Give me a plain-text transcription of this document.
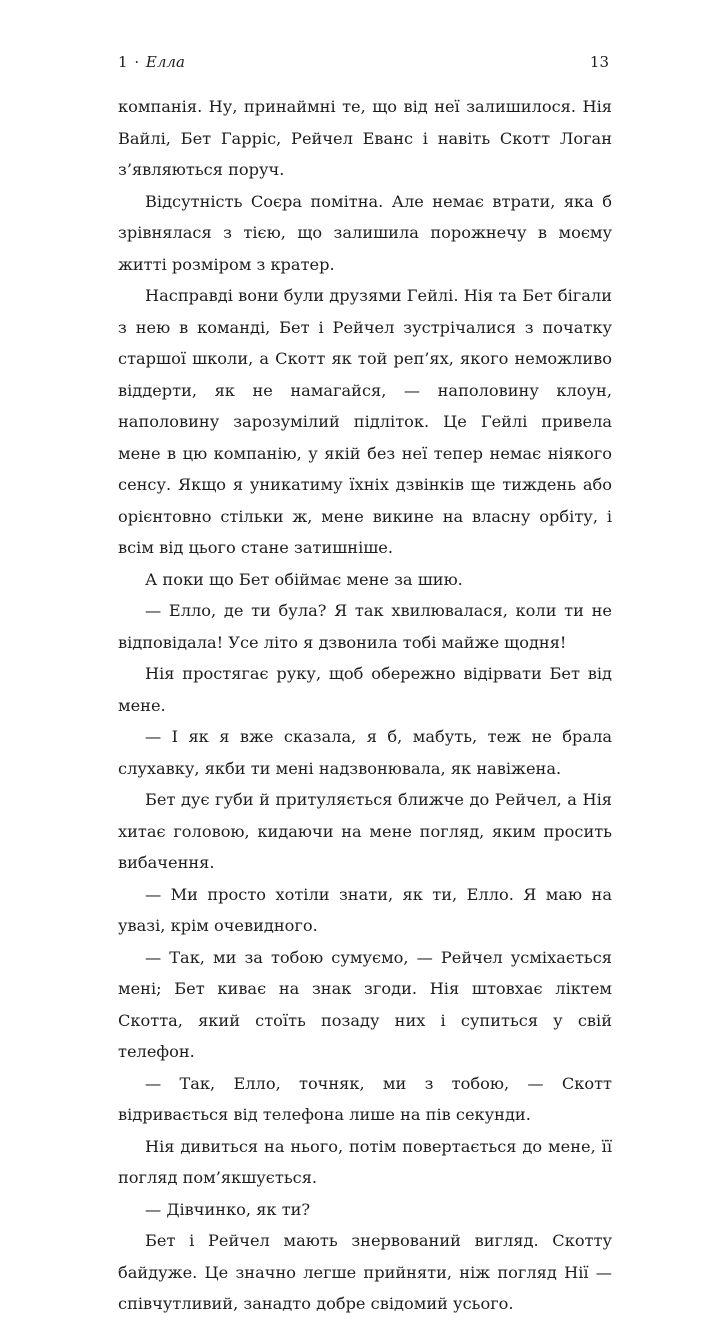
1 · Елла	13

компанія. Ну, принаймні те, що від неї залишилося. Нія Вайлі, Бет Гарріс, Рейчел Еванс і навіть Скотт Логан з’являються поруч.

Відсутність Соєра помітна. Але немає втрати, яка б зрівнялася з тією, що залишила порожнечу в моєму житті розміром з кратер.

Насправді вони були друзями Гейлі. Нія та Бет бігали з нею в команді, Бет і Рейчел зустрічалися з початку старшої школи, а Скотт як той реп’ях, якого неможливо віддерти, як не намагайся, — наполовину клоун, наполовину зарозумілий підліток. Це Гейлі привела мене в цю компанію, у якій без неї тепер немає ніякого сенсу. Якщо я уникатиму їхніх дзвінків ще тиждень або орієнтовно стільки ж, мене викине на власну орбіту, і всім від цього стане затишніше.

А поки що Бет обіймає мене за шию.

— Елло, де ти була? Я так хвилювалася, коли ти не відповідала! Усе літо я дзвонила тобі майже щодня!

Нія простягає руку, щоб обережно відірвати Бет від мене.

— І як я вже сказала, я б, мабуть, теж не брала слухавку, якби ти мені надзвонювала, як навіжена.

Бет дує губи й притуляється ближче до Рейчел, а Нія хитає головою, кидаючи на мене погляд, яким просить вибачення.

— Ми просто хотіли знати, як ти, Елло. Я маю на увазі, крім очевидного.

— Так, ми за тобою сумуємо, — Рейчел усміхається мені; Бет киває на знак згоди. Нія штовхає ліктем Скотта, який стоїть позаду них і супиться у свій телефон.

— Так, Елло, точняк, ми з тобою, — Скотт відривається від телефона лише на пів секунди.

Нія дивиться на нього, потім повертається до мене, її погляд пом’якшується.

— Дівчинко, як ти?

Бет і Рейчел мають знервований вигляд. Скотту байдуже. Це значно легше прийняти, ніж погляд Нії — співчутливий, занадто добре свідомий усього.
